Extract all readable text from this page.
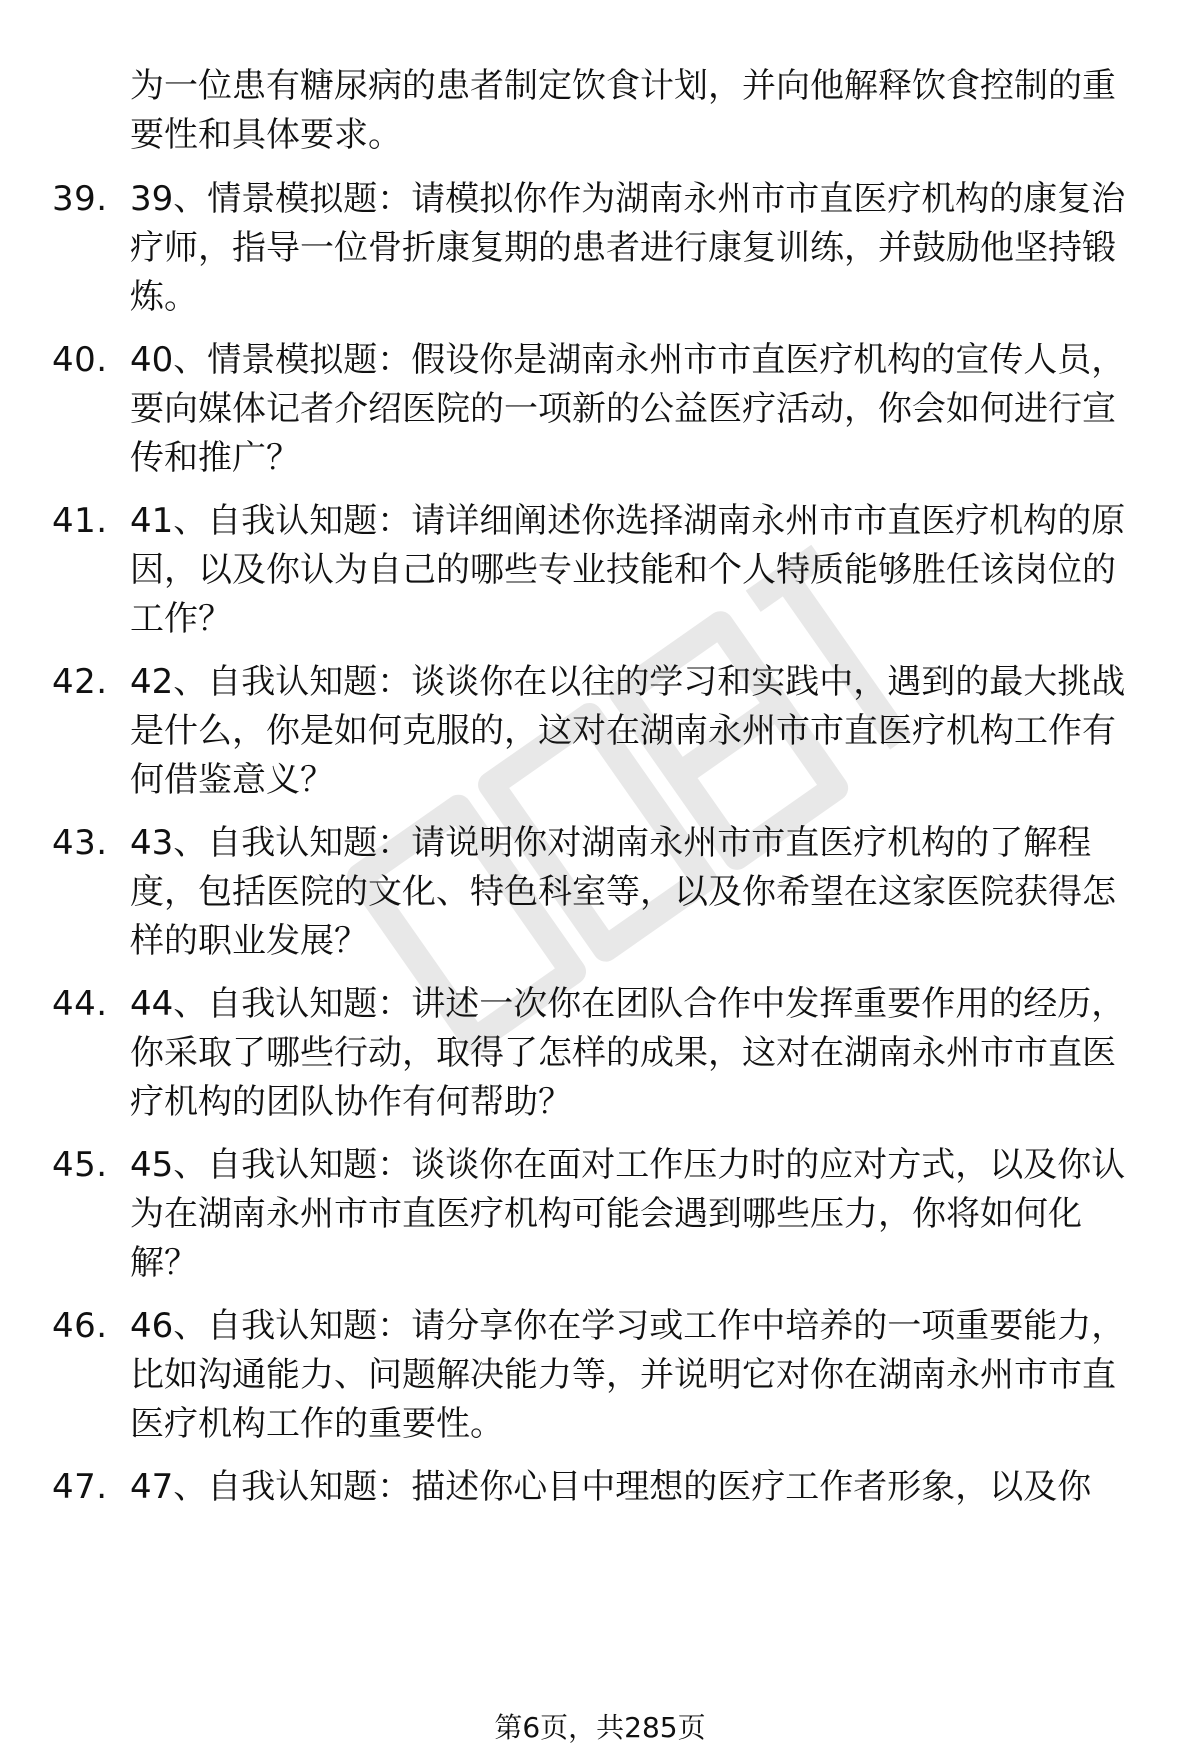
为一位患有糖尿病的患者制定饮食计划，并向他解释饮食控制的重要性和具体要求。
39. 39、情景模拟题：请模拟你作为湖南永州市市直医疗机构的康复治疗师，指导一位骨折康复期的患者进行康复训练，并鼓励他坚持锻炼。
40. 40、情景模拟题：假设你是湖南永州市市直医疗机构的宣传人员，要向媒体记者介绍医院的一项新的公益医疗活动，你会如何进行宣传和推广？
41. 41、自我认知题：请详细阐述你选择湖南永州市市直医疗机构的原因，以及你认为自己的哪些专业技能和个人特质能够胜任该岗位的工作？
42. 42、自我认知题：谈谈你在以往的学习和实践中，遇到的最大挑战是什么，你是如何克服的，这对在湖南永州市市直医疗机构工作有何借鉴意义？
43. 43、自我认知题：请说明你对湖南永州市市直医疗机构的了解程度，包括医院的文化、特色科室等，以及你希望在这家医院获得怎样的职业发展？
44. 44、自我认知题：讲述一次你在团队合作中发挥重要作用的经历，你采取了哪些行动，取得了怎样的成果，这对在湖南永州市市直医疗机构的团队协作有何帮助？
45. 45、自我认知题：谈谈你在面对工作压力时的应对方式，以及你认为在湖南永州市市直医疗机构可能会遇到哪些压力，你将如何化解？
46. 46、自我认知题：请分享你在学习或工作中培养的一项重要能力，比如沟通能力、问题解决能力等，并说明它对你在湖南永州市市直医疗机构工作的重要性。
47. 47、自我认知题：描述你心目中理想的医疗工作者形象，以及你
第6页，共285页
